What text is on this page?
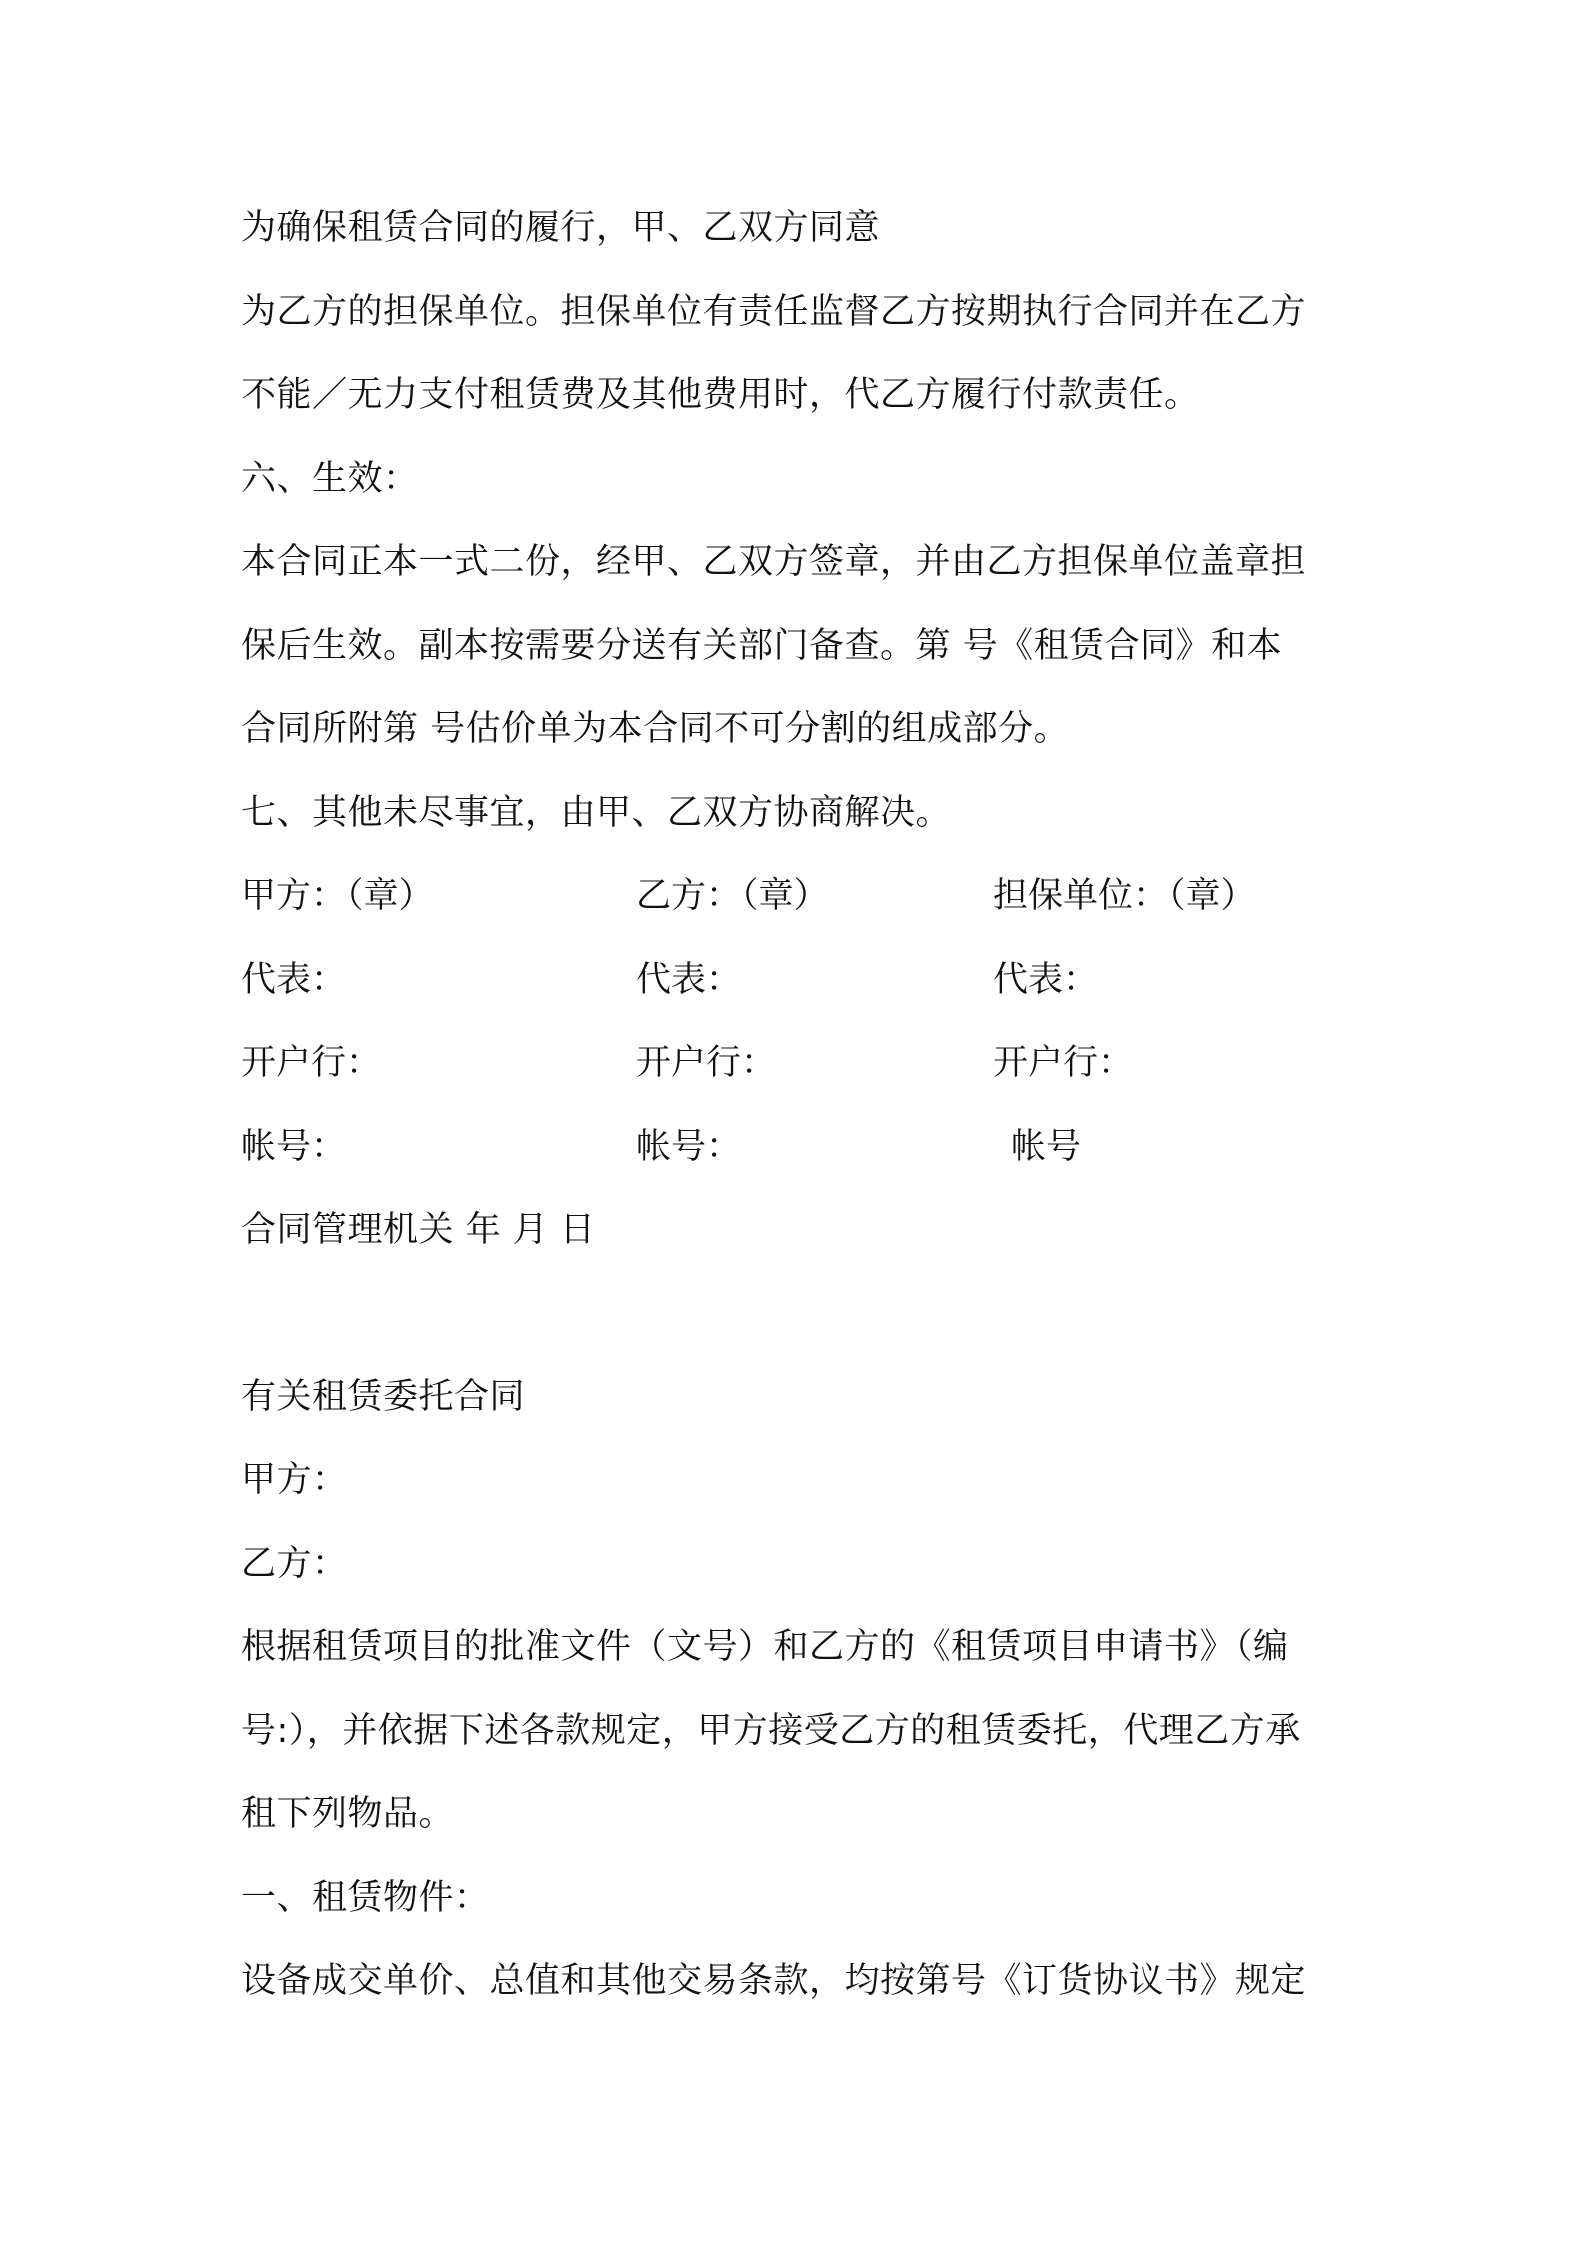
为确保租赁合同的履行，甲、乙双方同意
为乙方的担保单位。担保单位有责任监督乙方按期执行合同并在乙方
不能／无力支付租赁费及其他费用时，代乙方履行付款责任。
六、生效：
本合同正本一式二份，经甲、乙双方签章，并由乙方担保单位盖章担
保后生效。副本按需要分送有关部门备查。第 号《租赁合同》和本
合同所附第 号估价单为本合同不可分割的组成部分。
七、其他未尽事宜，由甲、乙双方协商解决。
甲方：（章）	乙方：（章）	担保单位：（章）
代表：	代表：	代表：
开户行：	开户行：	开户行：
帐号：	帐号：	帐号
合同管理机关 年 月 日
有关租赁委托合同
甲方：
乙方：
根据租赁项目的批准文件（文号）和乙方的《租赁项目申请书》（编
号:），并依据下述各款规定，甲方接受乙方的租赁委托，代理乙方承
租下列物品。
一、租赁物件：
设备成交单价、总值和其他交易条款，均按第号《订货协议书》规定
